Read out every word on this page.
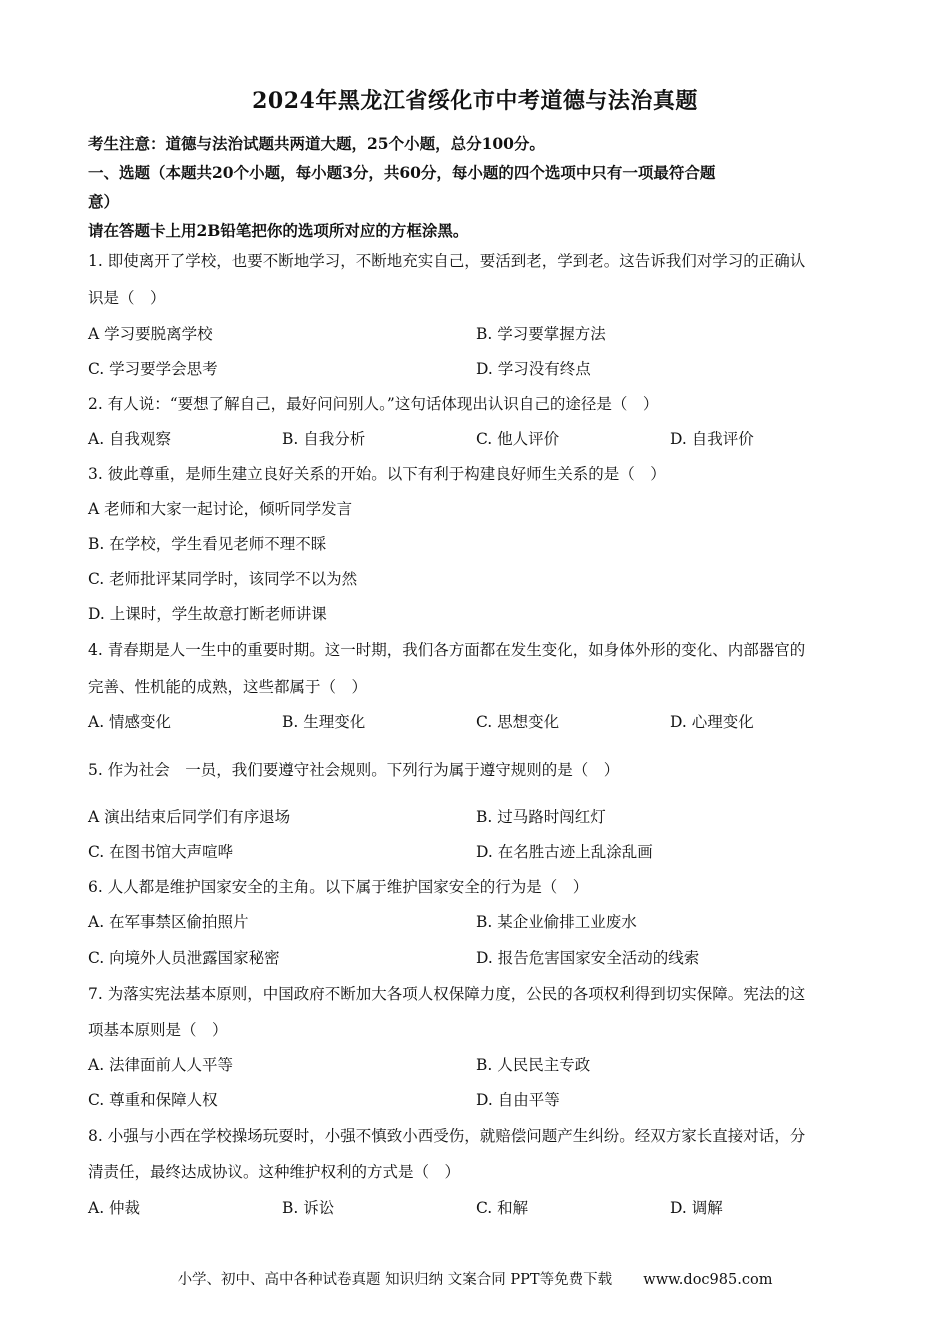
2024年黑龙江省绥化市中考道德与法治真题
考生注意：道德与法治试题共两道大题，25个小题，总分100分。
一、选题（本题共20个小题，每小题3分，共60分，每小题的四个选项中只有一项最符合题
意）
请在答题卡上用2B铅笔把你的选项所对应的方框涂黑。
1. 即使离开了学校，也要不断地学习，不断地充实自己，要活到老，学到老。这告诉我们对学习的正确认
识是（　）
A 学习要脱离学校	B. 学习要掌握方法
C. 学习要学会思考	D. 学习没有终点
2. 有人说：“要想了解自己，最好问问别人。”这句话体现出认识自己的途径是（　）
A. 自我观察	B. 自我分析	C. 他人评价	D. 自我评价
3. 彼此尊重，是师生建立良好关系的开始。以下有利于构建良好师生关系的是（　）
A 老师和大家一起讨论，倾听同学发言
B. 在学校，学生看见老师不理不睬
C. 老师批评某同学时，该同学不以为然
D. 上课时，学生故意打断老师讲课
4. 青春期是人一生中的重要时期。这一时期，我们各方面都在发生变化，如身体外形的变化、内部器官的
完善、性机能的成熟，这些都属于（　）
A. 情感变化	B. 生理变化	C. 思想变化	D. 心理变化
5. 作为社会　一员，我们要遵守社会规则。下列行为属于遵守规则的是（　）
A 演出结束后同学们有序退场	B. 过马路时闯红灯
C. 在图书馆大声喧哗	D. 在名胜古迹上乱涂乱画
6. 人人都是维护国家安全的主角。以下属于维护国家安全的行为是（　）
A. 在军事禁区偷拍照片	B. 某企业偷排工业废水
C. 向境外人员泄露国家秘密	D. 报告危害国家安全活动的线索
7. 为落实宪法基本原则，中国政府不断加大各项人权保障力度，公民的各项权利得到切实保障。宪法的这
项基本原则是（　）
A. 法律面前人人平等	B. 人民民主专政
C. 尊重和保障人权	D. 自由平等
8. 小强与小西在学校操场玩耍时，小强不慎致小西受伤，就赔偿问题产生纠纷。经双方家长直接对话，分
清责任，最终达成协议。这种维护权利的方式是（　）
A. 仲裁	B. 诉讼	C. 和解	D. 调解
小学、初中、高中各种试卷真题 知识归纳 文案合同 PPT等免费下载 www.doc985.com
